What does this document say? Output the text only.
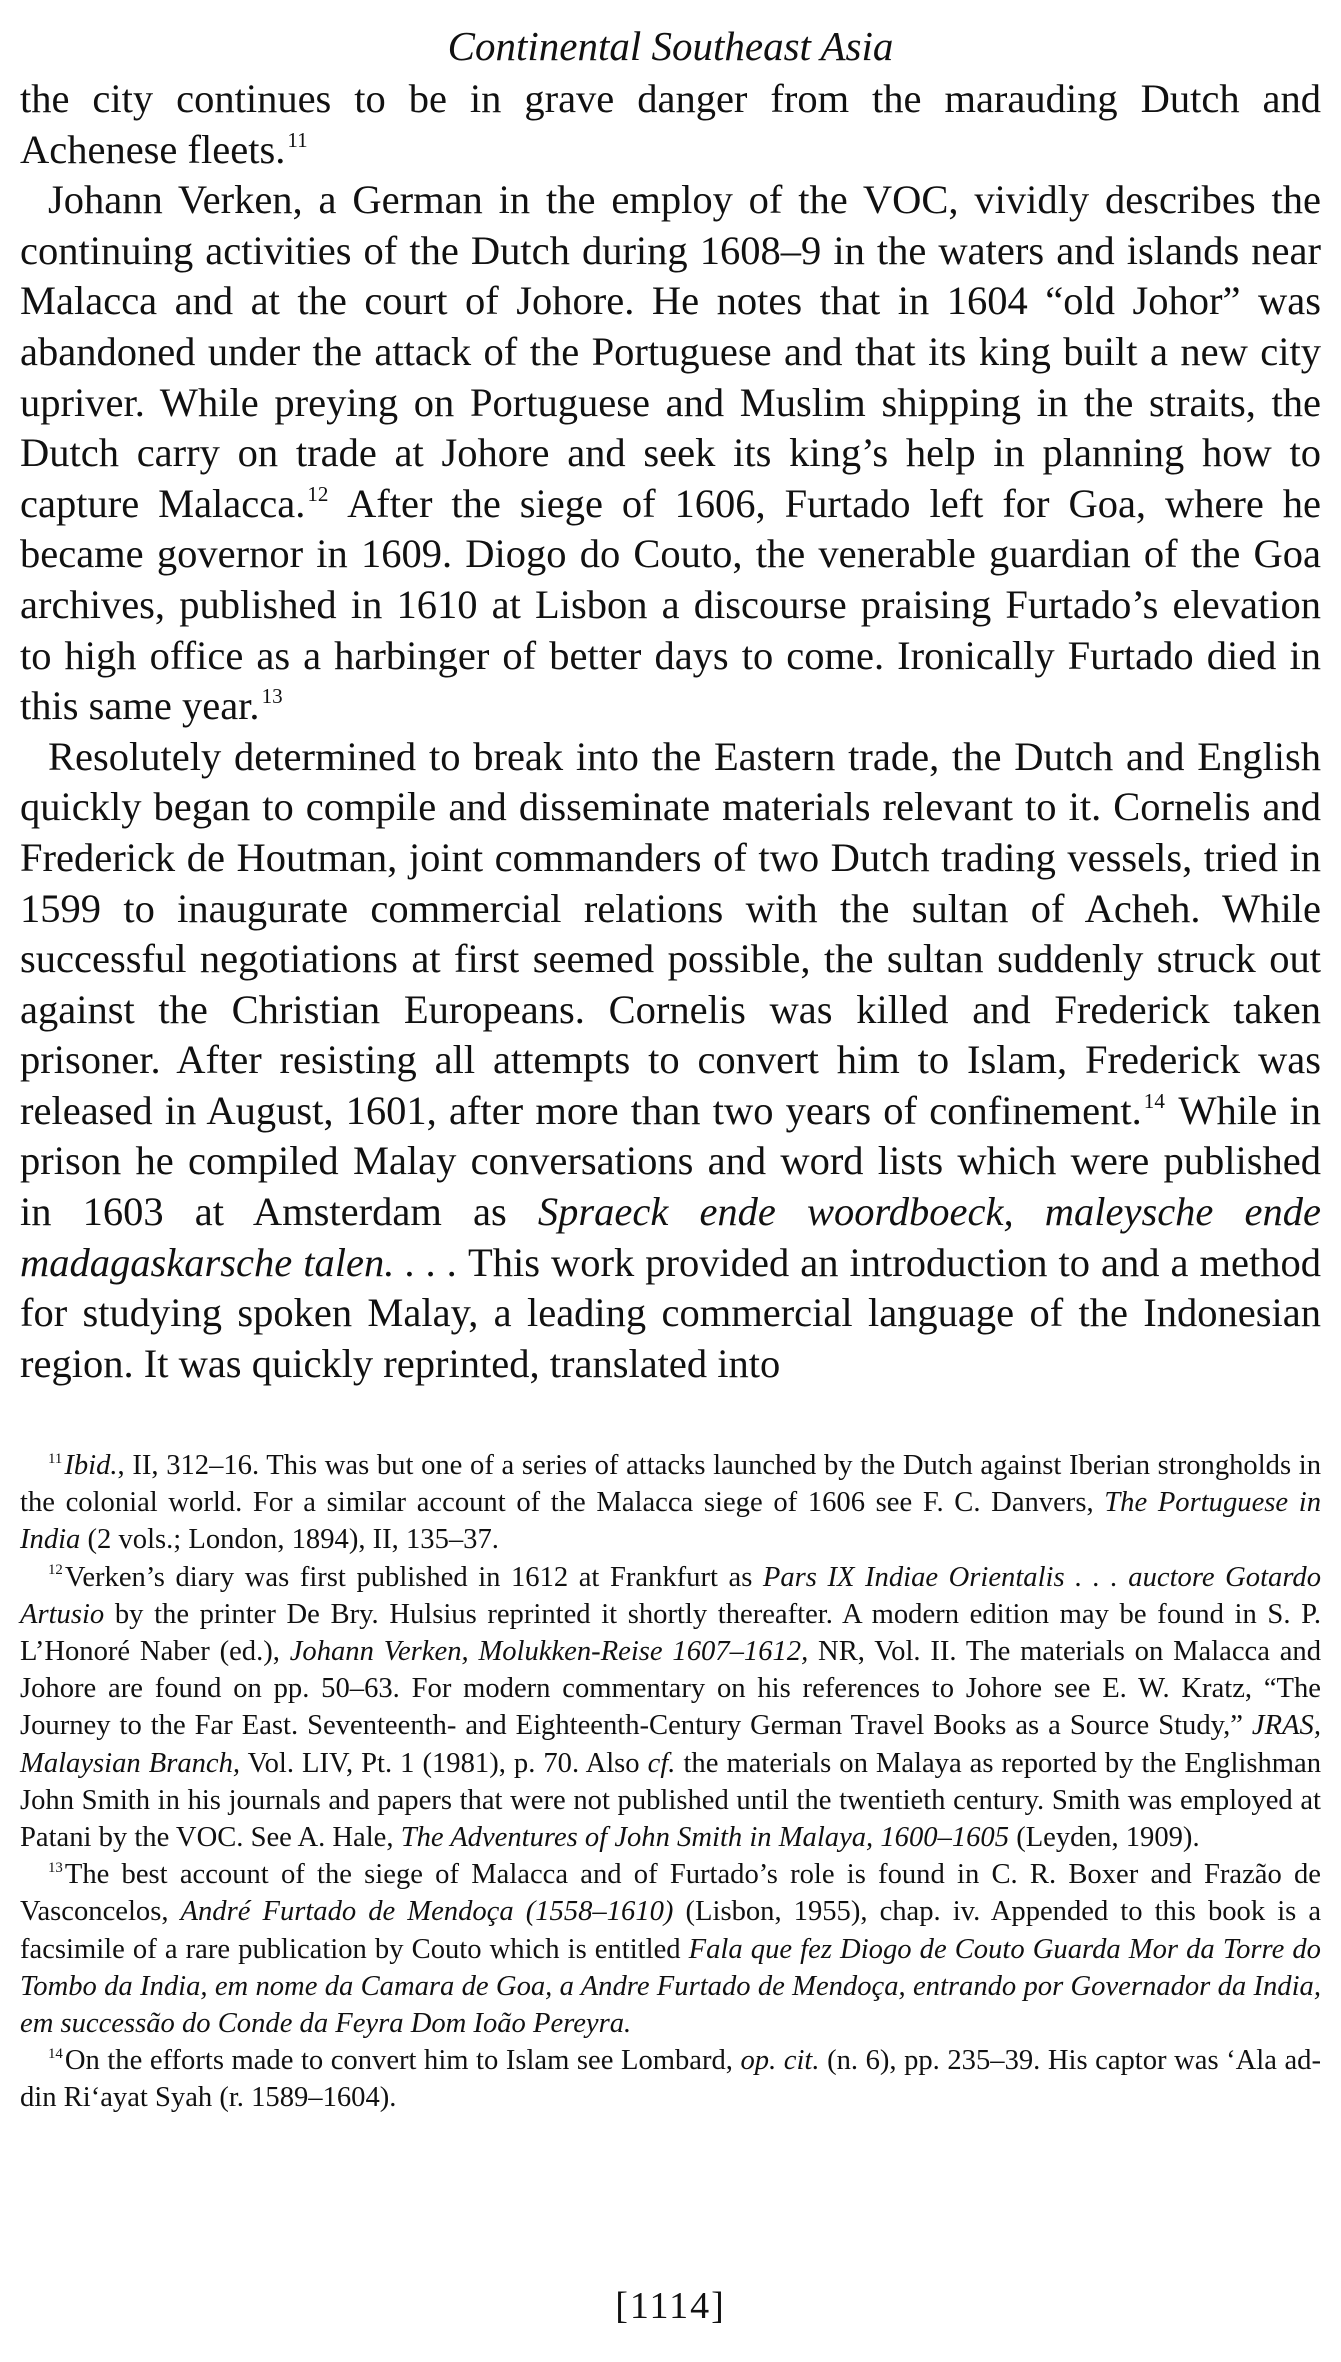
Continental Southeast Asia

the city continues to be in grave danger from the marauding Dutch and Achenese fleets.$^{11}$

Johann Verken, a German in the employ of the VOC, vividly describes the continuing activities of the Dutch during 1608–9 in the waters and islands near Malacca and at the court of Johore. He notes that in 1604 “old Johor” was abandoned under the attack of the Portuguese and that its king built a new city upriver. While preying on Portuguese and Muslim shipping in the straits, the Dutch carry on trade at Johore and seek its king’s help in planning how to capture Malacca.$^{12}$ After the siege of 1606, Furtado left for Goa, where he became governor in 1609. Diogo do Couto, the venerable guardian of the Goa archives, published in 1610 at Lisbon a discourse praising Furtado’s elevation to high office as a harbinger of better days to come. Ironically Furtado died in this same year.$^{13}$

Resolutely determined to break into the Eastern trade, the Dutch and English quickly began to compile and disseminate materials relevant to it. Cornelis and Frederick de Houtman, joint commanders of two Dutch trading vessels, tried in 1599 to inaugurate commercial relations with the sultan of Acheh. While successful negotiations at first seemed possible, the sultan suddenly struck out against the Christian Europeans. Cornelis was killed and Frederick taken prisoner. After resisting all attempts to convert him to Islam, Frederick was released in August, 1601, after more than two years of confinement.$^{14}$ While in prison he compiled Malay conversations and word lists which were published in 1603 at Amsterdam as Spraeck ende woordboeck, maleysche ende madagaskarsche talen. . . . This work provided an introduction to and a method for studying spoken Malay, a leading commercial language of the Indonesian region. It was quickly reprinted, translated into

$^{11}$Ibid., II, 312–16. This was but one of a series of attacks launched by the Dutch against Iberian strongholds in the colonial world. For a similar account of the Malacca siege of 1606 see F. C. Danvers, The Portuguese in India (2 vols.; London, 1894), II, 135–37.

$^{12}$Verken’s diary was first published in 1612 at Frankfurt as Pars IX Indiae Orientalis . . . auctore Gotardo Artusio by the printer De Bry. Hulsius reprinted it shortly thereafter. A modern edition may be found in S. P. L’Honoré Naber (ed.), Johann Verken, Molukken-Reise 1607–1612, NR, Vol. II. The materials on Malacca and Johore are found on pp. 50–63. For modern commentary on his references to Johore see E. W. Kratz, “The Journey to the Far East. Seventeenth- and Eighteenth-Century German Travel Books as a Source Study,” JRAS, Malaysian Branch, Vol. LIV, Pt. 1 (1981), p. 70. Also cf. the materials on Malaya as reported by the Englishman John Smith in his journals and papers that were not published until the twentieth century. Smith was employed at Patani by the VOC. See A. Hale, The Adventures of John Smith in Malaya, 1600–1605 (Leyden, 1909).

$^{13}$The best account of the siege of Malacca and of Furtado’s role is found in C. R. Boxer and Frazão de Vasconcelos, André Furtado de Mendoça (1558–1610) (Lisbon, 1955), chap. iv. Appended to this book is a facsimile of a rare publication by Couto which is entitled Fala que fez Diogo de Couto Guarda Mor da Torre do Tombo da India, em nome da Camara de Goa, a Andre Furtado de Mendoça, entrando por Governador da India, em successão do Conde da Feyra Dom Ioão Pereyra.

$^{14}$On the efforts made to convert him to Islam see Lombard, op. cit. (n. 6), pp. 235–39. His captor was ‘Ala ad-din Ri‘ayat Syah (r. 1589–1604).

[1114]
